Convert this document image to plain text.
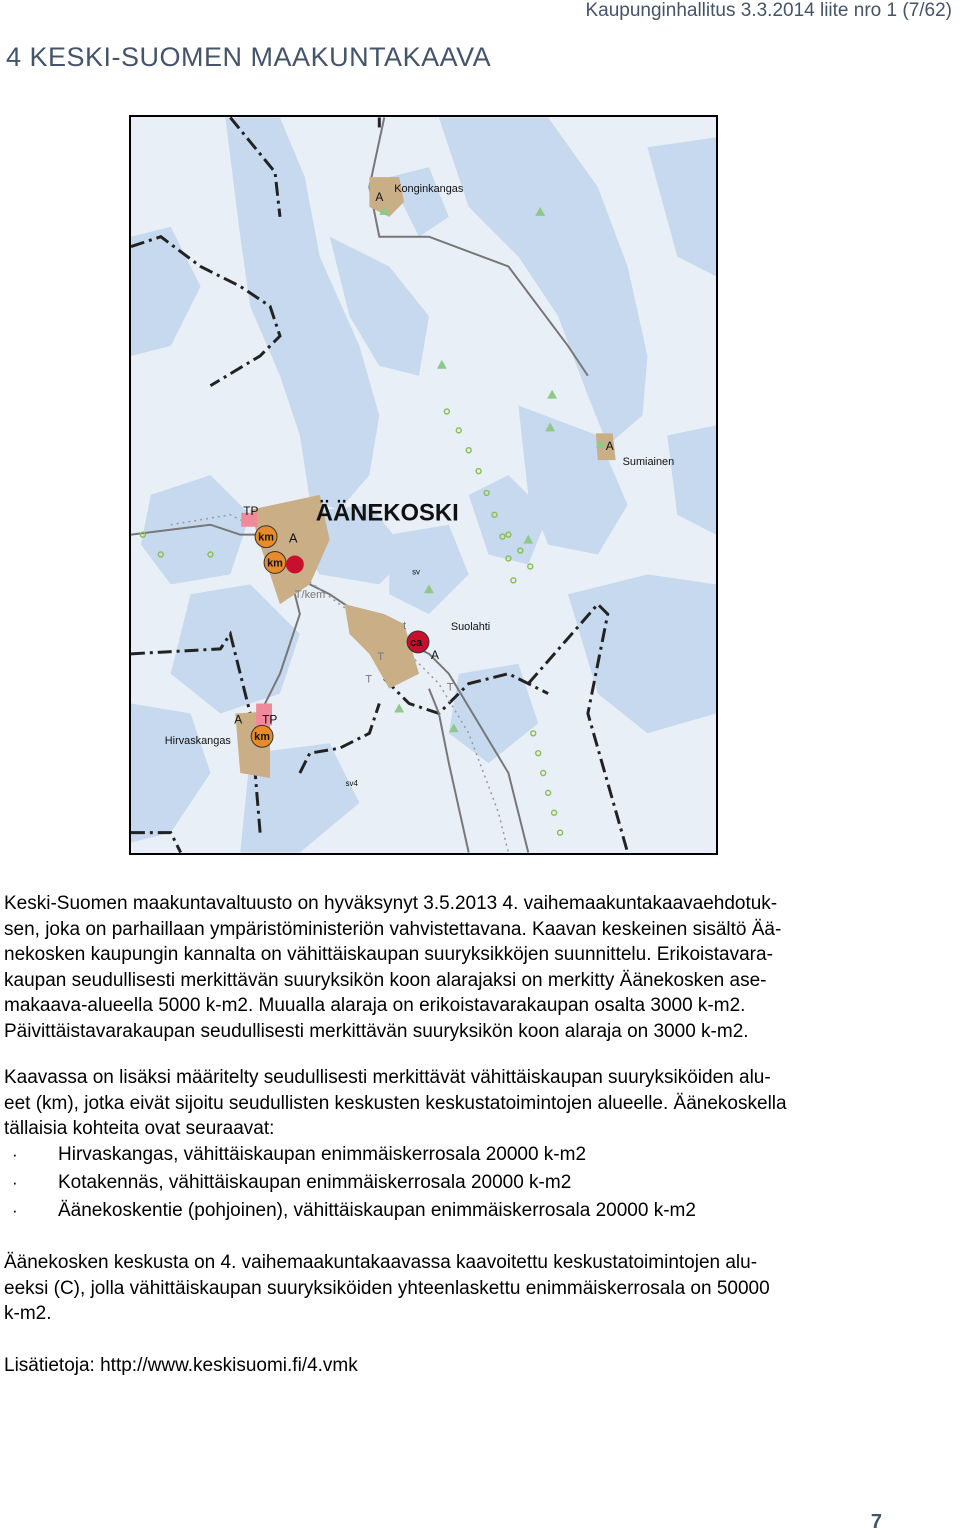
Kaupunginhallitus 3.3.2014 liite nro 1 (7/62)
4 KESKI-SUOMEN MAAKUNTAKAAVA
Konginkangas
A
Sumiainen
A
ÄÄNEKOSKI
TP
A
km
km
T/kem
sv
Suolahti
t
ca
T	A
T
T
A TP
km
Hirvaskangas
sv4
Keski-Suomen maakuntavaltuusto on hyväksynyt 3.5.2013 4. vaihemaakuntakaavaehdotuk-
sen, joka on parhaillaan ympäristöministeriön vahvistettavana. Kaavan keskeinen sisältö Ää-
nekosken kaupungin kannalta on vähittäiskaupan suuryksikköjen suunnittelu. Erikoistavara-
kaupan seudullisesti merkittävän suuryksikön koon alarajaksi on merkitty Äänekosken ase-
makaava-alueella 5000 k-m2. Muualla alaraja on erikoistavarakaupan osalta 3000 k-m2.
Päivittäistavarakaupan seudullisesti merkittävän suuryksikön koon alaraja on 3000 k-m2.
Kaavassa on lisäksi määritelty seudullisesti merkittävät vähittäiskaupan suuryksiköiden alu-
eet (km), jotka eivät sijoitu seudullisten keskusten keskustatoimintojen alueelle. Äänekoskella
tällaisia kohteita ovat seuraavat:
· Hirvaskangas, vähittäiskaupan enimmäiskerrosala 20000 k-m2
· Kotakennäs, vähittäiskaupan enimmäiskerrosala 20000 k-m2
· Äänekoskentie (pohjoinen), vähittäiskaupan enimmäiskerrosala 20000 k-m2
Äänekosken keskusta on 4. vaihemaakuntakaavassa kaavoitettu keskustatoimintojen alu-
eeksi (C), jolla vähittäiskaupan suuryksiköiden yhteenlaskettu enimmäiskerrosala on 50000
k-m2.
Lisätietoja: http://www.keskisuomi.fi/4.vmk
7
